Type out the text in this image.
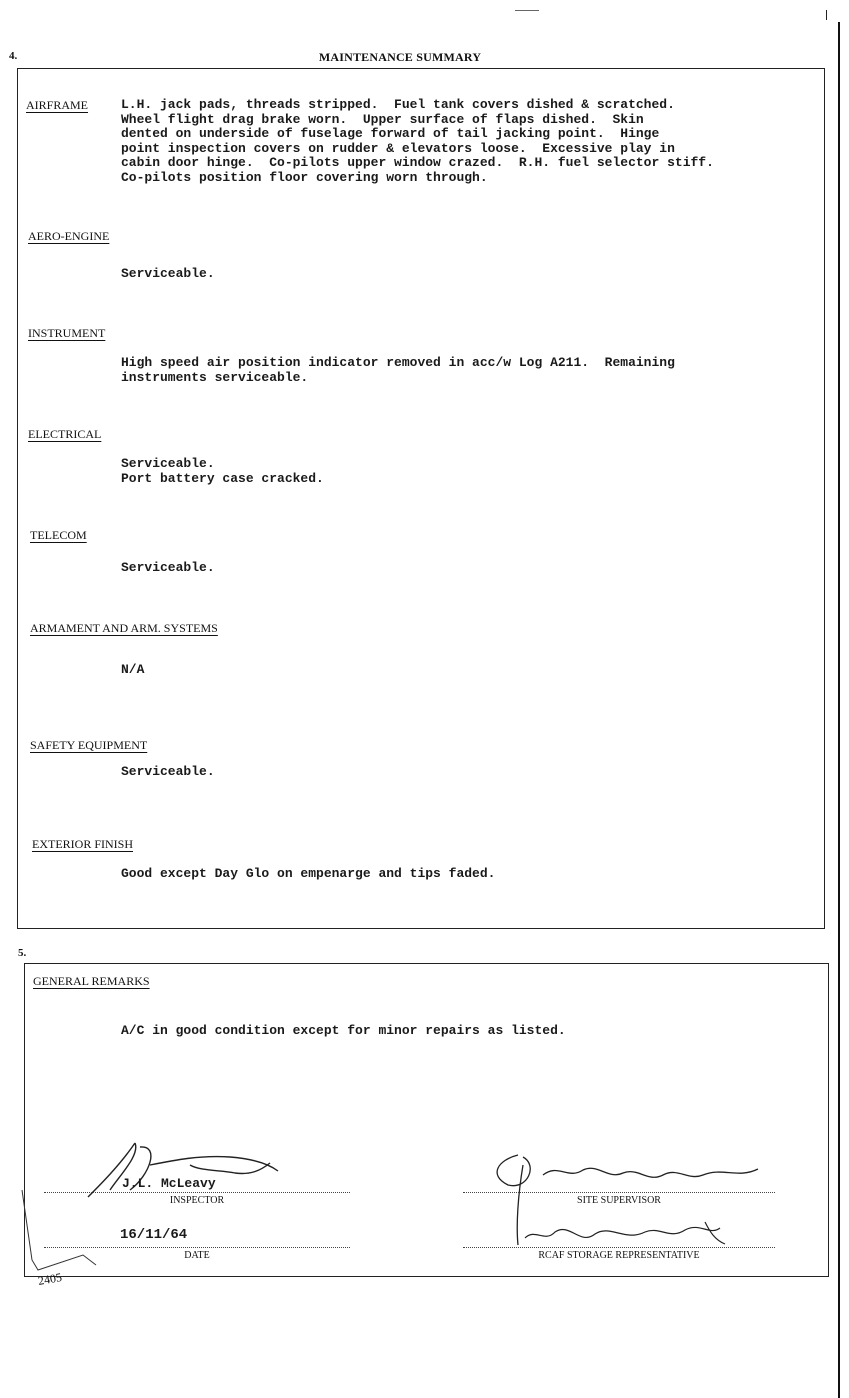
4.	MAINTENANCE SUMMARY
AIRFRAME	L.H. jack pads, threads stripped.  Fuel tank covers dished & scratched.
Wheel flight drag brake worn.  Upper surface of flaps dished.  Skin
dented on underside of fuselage forward of tail jacking point.  Hinge
point inspection covers on rudder & elevators loose.  Excessive play in
cabin door hinge.  Co-pilots upper window crazed.  R.H. fuel selector stiff.
Co-pilots position floor covering worn through.
AERO-ENGINE
Serviceable.
INSTRUMENT
High speed air position indicator removed in acc/w Log A211.  Remaining
instruments serviceable.
ELECTRICAL
Serviceable.
Port battery case cracked.
TELECOM
Serviceable.
ARMAMENT AND ARM. SYSTEMS
N/A
SAFETY EQUIPMENT
Serviceable.
EXTERIOR FINISH
Good except Day Glo on empenarge and tips faded.
5.
GENERAL REMARKS
A/C in good condition except for minor repairs as listed.
J.L. McLeavy
INSPECTOR
16/11/64
DATE
SITE SUPERVISOR
RCAF STORAGE REPRESENTATIVE
2405
